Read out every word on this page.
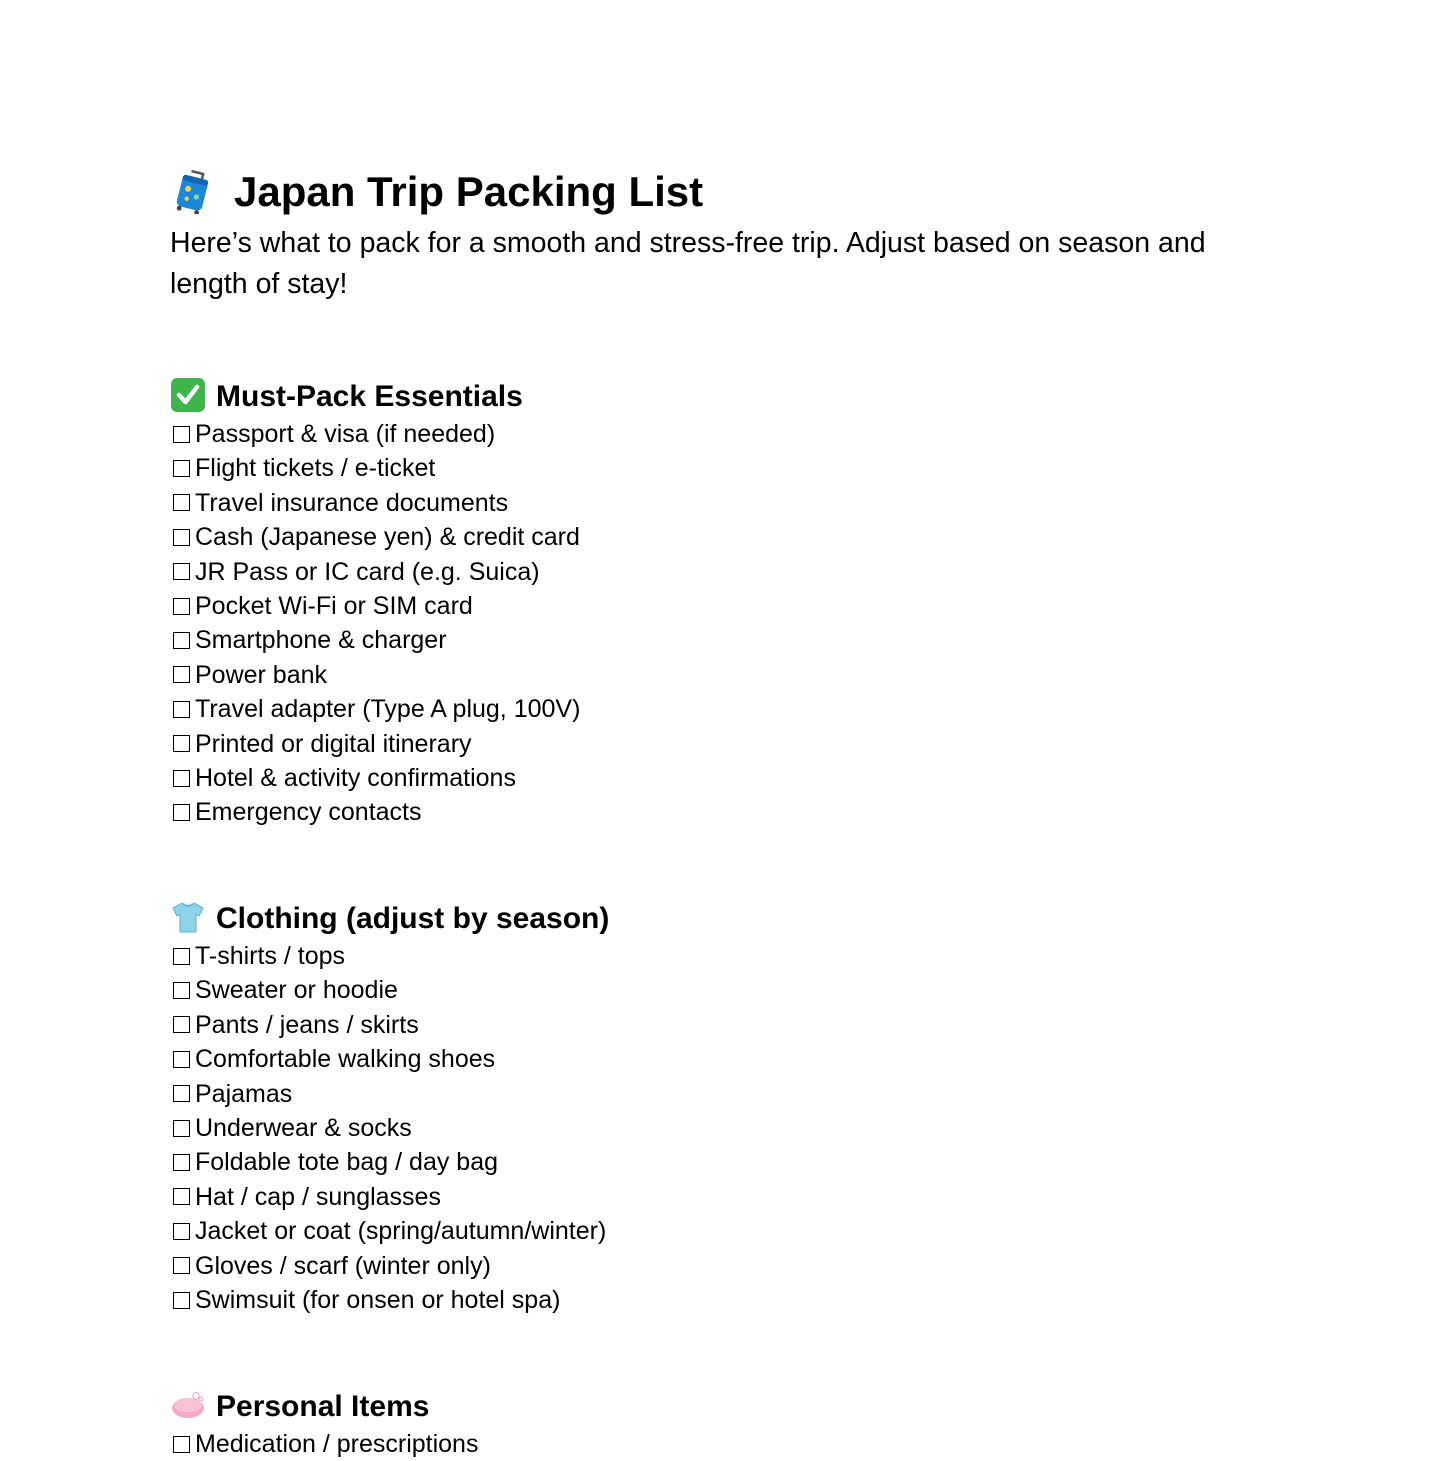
Japan Trip Packing List
Here’s what to pack for a smooth and stress-free trip. Adjust based on season and length of stay!
Must-Pack Essentials
Passport & visa (if needed)
Flight tickets / e-ticket
Travel insurance documents
Cash (Japanese yen) & credit card
JR Pass or IC card (e.g. Suica)
Pocket Wi-Fi or SIM card
Smartphone & charger
Power bank
Travel adapter (Type A plug, 100V)
Printed or digital itinerary
Hotel & activity confirmations
Emergency contacts
Clothing (adjust by season)
T-shirts / tops
Sweater or hoodie
Pants / jeans / skirts
Comfortable walking shoes
Pajamas
Underwear & socks
Foldable tote bag / day bag
Hat / cap / sunglasses
Jacket or coat (spring/autumn/winter)
Gloves / scarf (winter only)
Swimsuit (for onsen or hotel spa)
Personal Items
Medication / prescriptions
